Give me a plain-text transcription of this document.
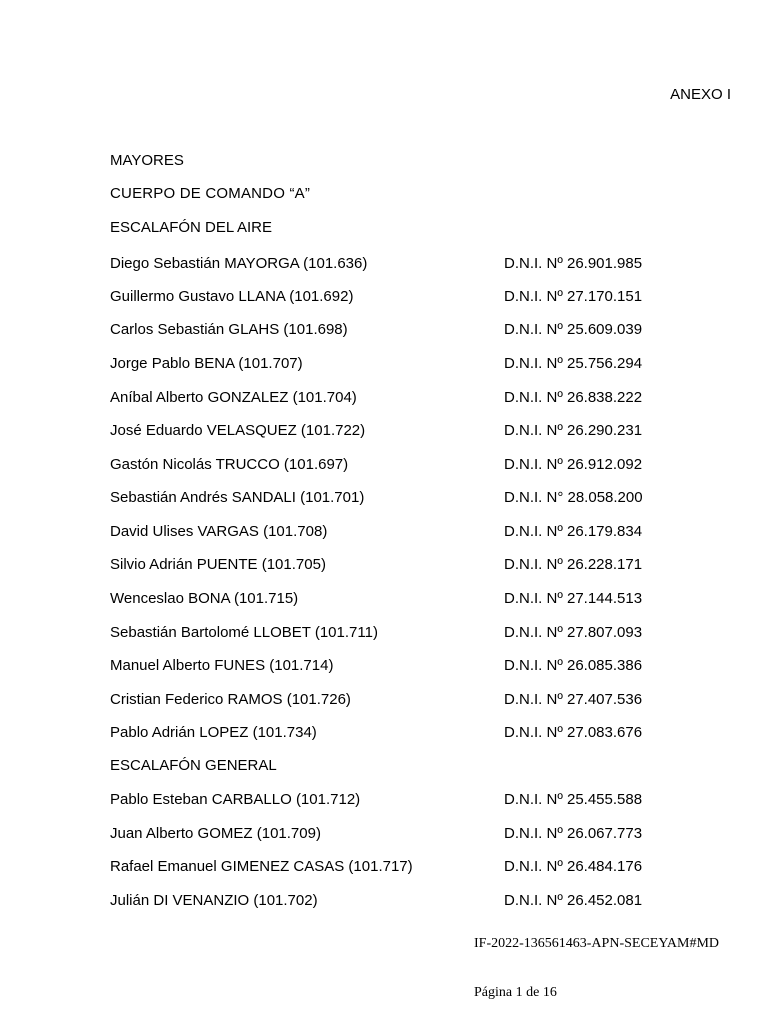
ANEXO I
MAYORES
CUERPO DE COMANDO “A”
ESCALAFÓN DEL AIRE
Diego Sebastián MAYORGA (101.636)	D.N.I. Nº 26.901.985
Guillermo Gustavo LLANA (101.692)	D.N.I. Nº 27.170.151
Carlos Sebastián GLAHS (101.698)	D.N.I. Nº 25.609.039
Jorge Pablo BENA (101.707)	D.N.I. Nº 25.756.294
Aníbal Alberto GONZALEZ (101.704)	D.N.I. Nº 26.838.222
José Eduardo VELASQUEZ (101.722)	D.N.I. Nº 26.290.231
Gastón Nicolás TRUCCO (101.697)	D.N.I. Nº 26.912.092
Sebastián Andrés SANDALI (101.701)	D.N.I. N° 28.058.200
David Ulises VARGAS (101.708)	D.N.I. Nº 26.179.834
Silvio Adrián PUENTE (101.705)	D.N.I. Nº 26.228.171
Wenceslao BONA (101.715)	D.N.I. Nº 27.144.513
Sebastián Bartolomé LLOBET (101.711)	D.N.I. Nº 27.807.093
Manuel Alberto FUNES (101.714)	D.N.I. Nº 26.085.386
Cristian Federico RAMOS (101.726)	D.N.I. Nº 27.407.536
Pablo Adrián LOPEZ (101.734)	D.N.I. Nº 27.083.676
ESCALAFÓN GENERAL
Pablo Esteban CARBALLO (101.712)	D.N.I. Nº 25.455.588
Juan Alberto GOMEZ (101.709)	D.N.I. Nº 26.067.773
Rafael Emanuel GIMENEZ CASAS (101.717)	D.N.I. Nº 26.484.176
Julián DI VENANZIO (101.702)	D.N.I. Nº 26.452.081
IF-2022-136561463-APN-SECEYAM#MD
Página 1 de 16
